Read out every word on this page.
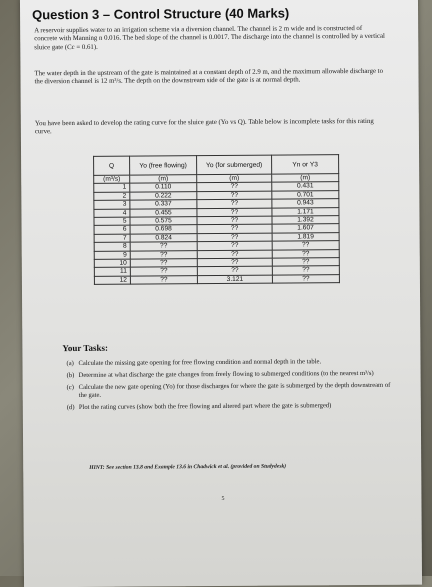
Question 3 – Control Structure (40 Marks)
A reservoir supplies water to an irrigation scheme via a diversion channel. The channel is 2 m wide and is constructed of concrete with Manning n 0.016. The bed slope of the channel is 0.0017. The discharge into the channel is controlled by a vertical sluice gate (Cc = 0.61).
The water depth in the upstream of the gate is maintained at a constant depth of 2.9 m, and the maximum allowable discharge to the diversion channel is 12 m³/s. The depth on the downstream side of the gate is at normal depth.
You have been asked to develop the rating curve for the sluice gate (Yo vs Q). Table below is incomplete tasks for this rating curve.
Q	Yo (free flowing)	Yo (for submerged)	Yn or Y3
(m³/s)	(m)	(m)	(m)
1	0.110	??	0.431
2	0.222	??	0.701
3	0.337	??	0.943
4	0.455	??	1.171
5	0.575	??	1.392
6	0.698	??	1.607
7	0.824	??	1.819
8	??	??	??
9	??	??	??
10	??	??	??
11	??	??	??
12	??	3.121	??
Your Tasks:
(a) Calculate the missing gate opening for free flowing condition and normal depth in the table.
(b) Determine at what discharge the gate changes from freely flowing to submerged conditions (to the nearest m³/s)
(c) Calculate the new gate opening (Yo) for those discharges for where the gate is submerged by the depth downstream of the gate.
(d) Plot the rating curves (show both the free flowing and altered part where the gate is submerged)
HINT: See section 13.8 and Example 13.6 in Chadwick et al. (provided on Studydesk)
5
